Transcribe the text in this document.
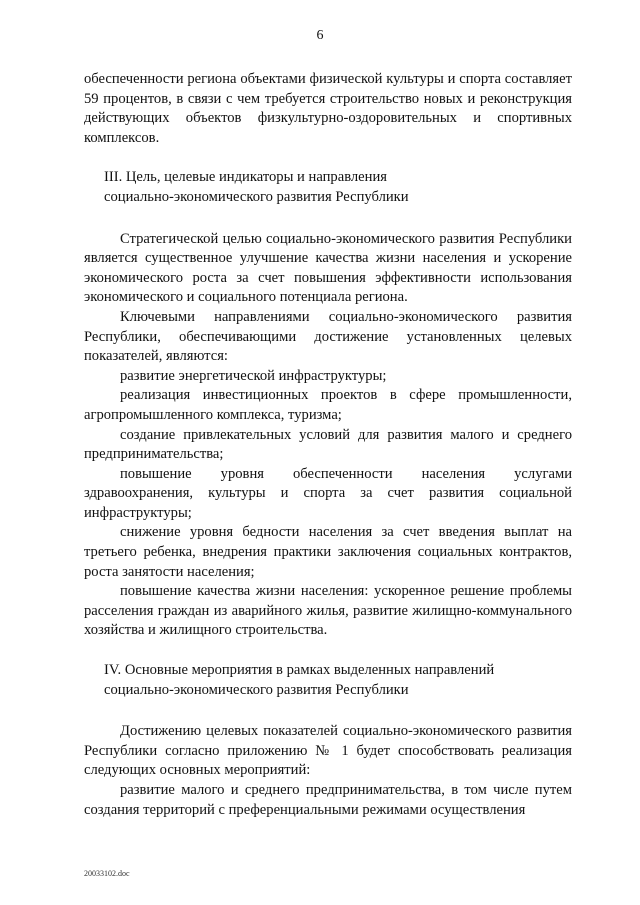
6

обеспеченности региона объектами физической культуры и спорта составляет 59 процентов, в связи с чем требуется строительство новых и реконструкция действующих объектов физкультурно-оздоровительных и спортивных комплексов.

III. Цель, целевые индикаторы и направления

социально-экономического развития Республики

Стратегической целью социально-экономического развития Республики является существенное улучшение качества жизни населения и ускорение экономического роста за счет повышения эффективности использования экономического и социального потенциала региона.

Ключевыми направлениями социально-экономического развития Республики, обеспечивающими достижение установленных целевых показателей, являются:

развитие энергетической инфраструктуры;

реализация инвестиционных проектов в сфере промышленности, агропромышленного комплекса, туризма;

создание привлекательных условий для развития малого и среднего предпринимательства;

повышение уровня обеспеченности населения услугами здравоохранения, культуры и спорта за счет развития социальной инфраструктуры;

снижение уровня бедности населения за счет введения выплат на третьего ребенка, внедрения практики заключения социальных контрактов, роста занятости населения;

повышение качества жизни населения: ускоренное решение проблемы расселения граждан из аварийного жилья, развитие жилищно-коммунального хозяйства и жилищного строительства.

IV. Основные мероприятия в рамках выделенных направлений

социально-экономического развития Республики

Достижению целевых показателей социально-экономического развития Республики согласно приложению № 1 будет способствовать реализация следующих основных мероприятий:

развитие малого и среднего предпринимательства, в том числе путем создания территорий с преференциальными режимами осуществления

20033102.doc
